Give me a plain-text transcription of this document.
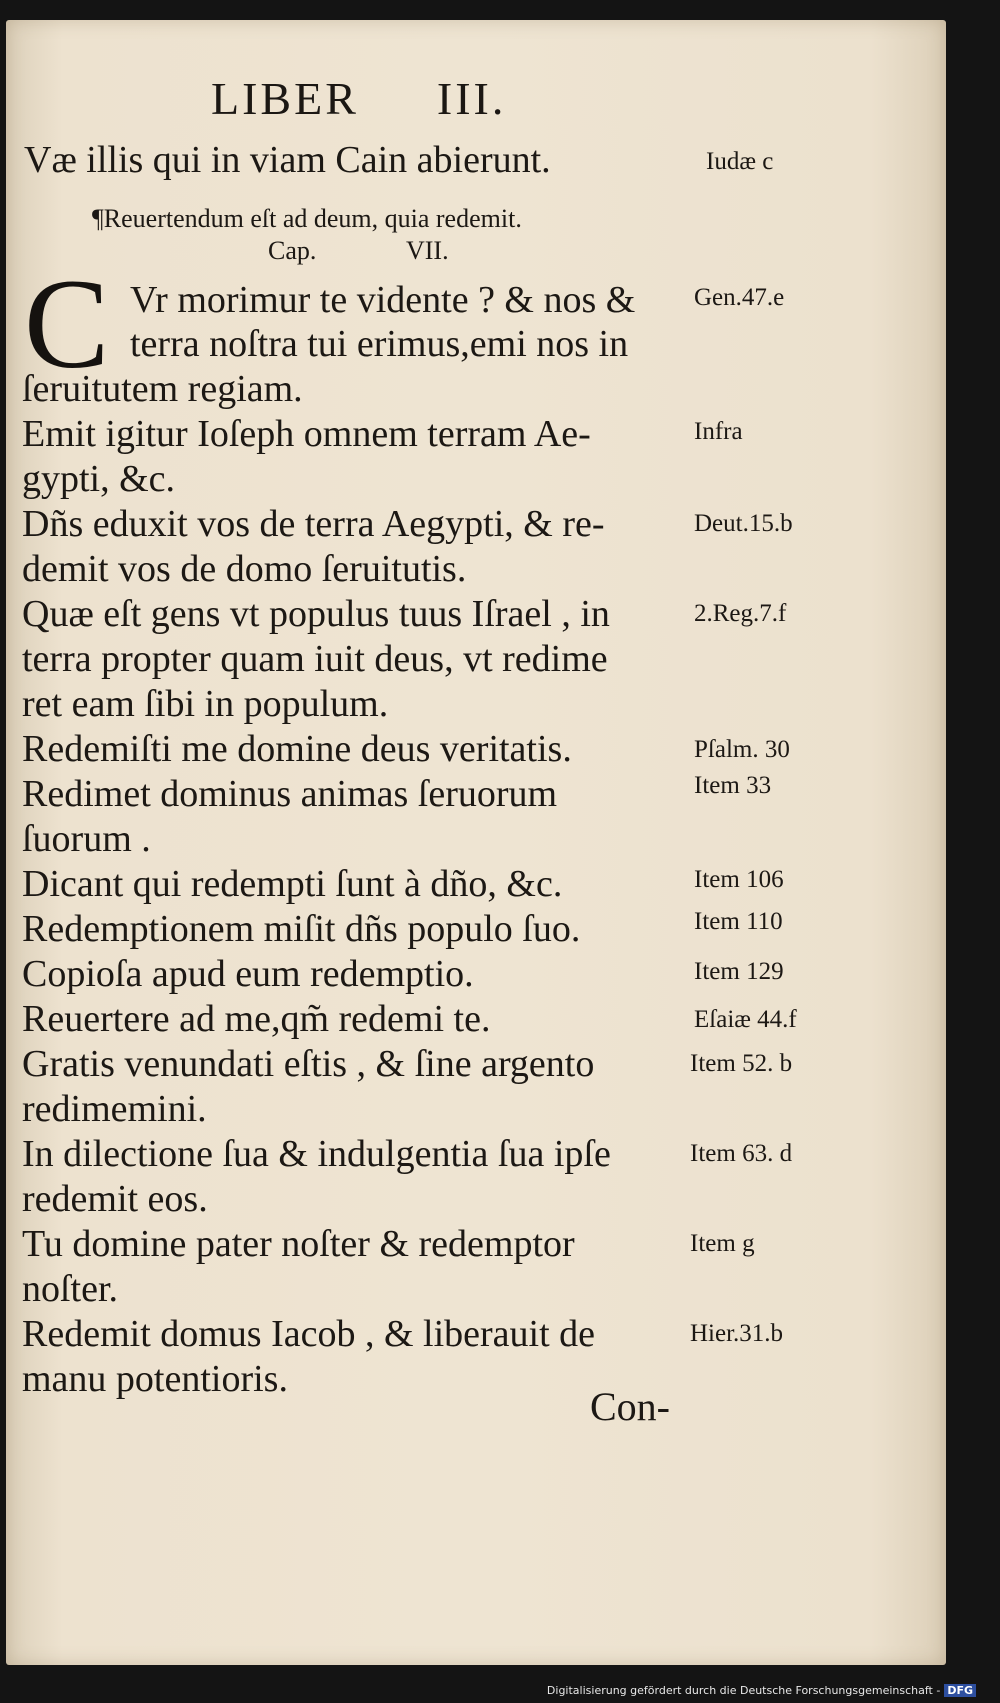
LIBER III.
Væ illis qui in viam Cain abierunt.
¶Reuertendum eſt ad deum, quia redemit.
Cap.	VII.
C Vr morimur te vidente ? & nos &
terra noſtra tui erimus,emi nos in
ſeruitutem regiam.
Emit igitur Ioſeph omnem terram Ae-
gypti, &c.
Dñs eduxit vos de terra Aegypti, & re-
demit vos de domo ſeruitutis.
Quæ eſt gens vt populus tuus Iſrael , in
terra propter quam iuit deus, vt redime
ret eam ſibi in populum.
Redemiſti me domine deus veritatis.
Redimet dominus animas ſeruorum
ſuorum .
Dicant qui redempti ſunt à dño, &c.
Redemptionem miſit dñs populo ſuo.
Copioſa apud eum redemptio.
Reuertere ad me,qm̃ redemi te.
Gratis venundati eſtis , & ſine argento
redimemini.
In dilectione ſua & indulgentia ſua ipſe
redemit eos.
Tu domine pater noſter & redemptor
noſter.
Redemit domus Iacob , & liberauit de
manu potentioris.
Iudæ c
Gen.47.e
Infra
Deut.15.b
2.Reg.7.f
Pſalm. 30
Item 33
Item 106
Item 110
Item 129
Eſaiæ 44.f
Item 52. b
Item 63. d
Item g
Hier.31.b
Con-
Digitalisierung gefördert durch die Deutsche Forschungsgemeinschaft - DFG
